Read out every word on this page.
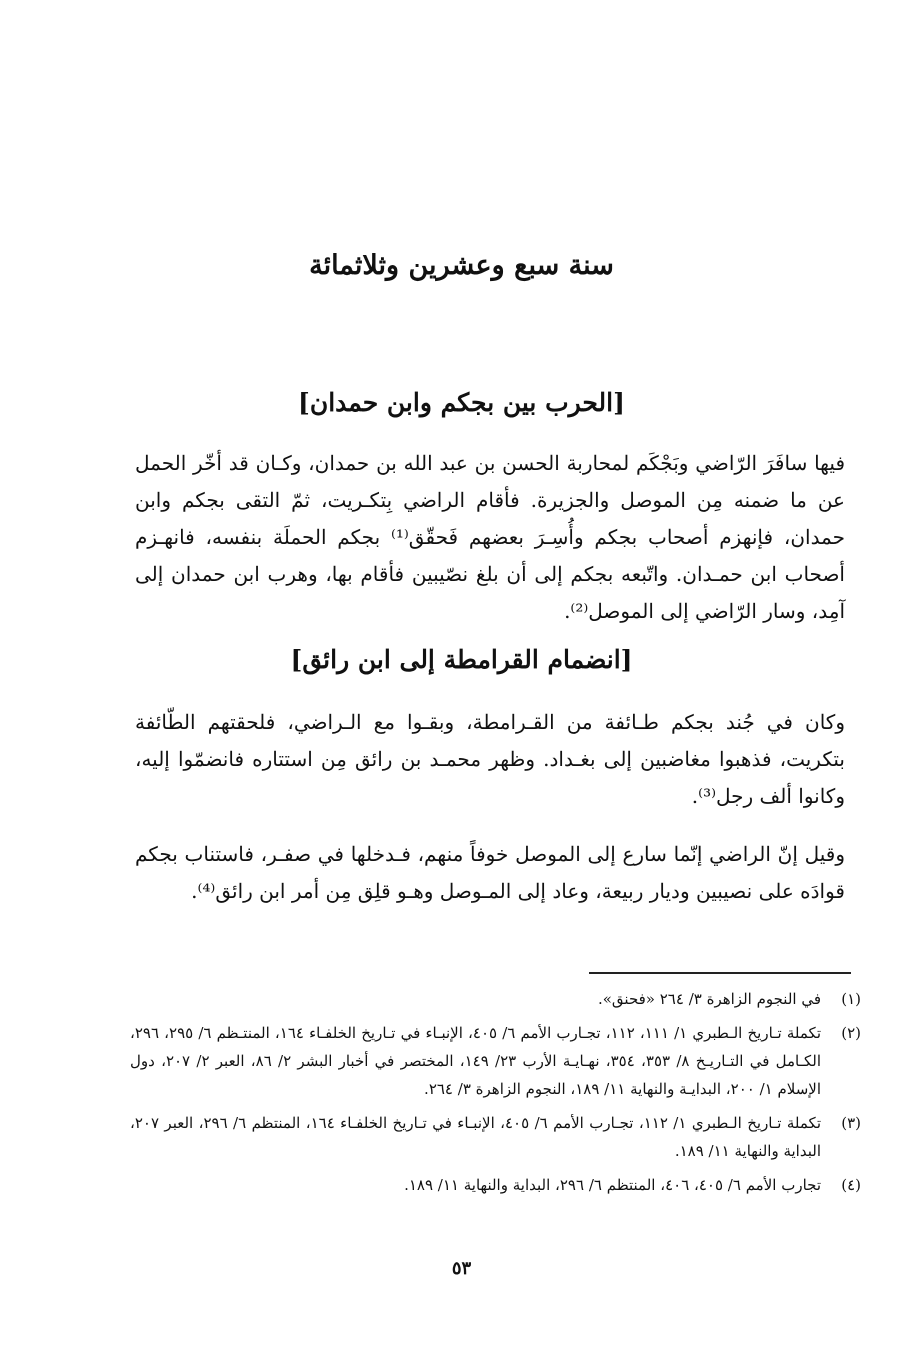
سنة سبع وعشرين وثلاثمائة
[الحرب بين بجكم وابن حمدان]

فيها سافَرَ الرّاضي وبَجْكَم لمحاربة الحسن بن عبد الله بن حمدان، وكـان قد أخّر الحمل عن ما ضمنه مِن الموصل والجزيرة. فأقام الراضي بِتكـريت، ثمّ التقى بجكم وابن حمدان، فإنهزم أصحاب بجكم وأُسِـرَ بعضهم فَحقّق⁽¹⁾ بجكم الحملَة بنفسه، فانهـزم أصحاب ابن حمـدان. واتّبعه بجكم إلى أن بلغ نصّيبين فأقام بها، وهرب ابن حمدان إلى آمِد، وسار الرّاضي إلى الموصل⁽²⁾.

[انضمام القرامطة إلى ابن رائق]

وكان في جُند بجكم طـائفة من القـرامطة، وبقـوا مع الـراضي، فلحقتهم الطّائفة بتكريت، فذهبوا مغاضبين إلى بغـداد. وظهر محمـد بن رائق مِن استتاره فانضمّوا إليه، وكانوا ألف رجل⁽³⁾.

وقيل إنّ الراضي إنّما سارع إلى الموصل خوفاً منهم، فـدخلها في صفـر، فاستناب بجكم قوادَه على نصيبين وديار ربيعة، وعاد إلى المـوصل وهـو قلِق مِن أمر ابن رائق⁽⁴⁾.

(١)

في النجوم الزاهرة ٣/ ٢٦٤ «فحنق».

(٢)

تكملة تـاريخ الـطبري ١/ ١١١، ١١٢، تجـارب الأمم ٦/ ٤٠٥، الإنبـاء في تـاريخ الخلفـاء ١٦٤، المنتـظم ٦/ ٢٩٥، ٢٩٦، الكـامل في التـاريـخ ٨/ ٣٥٣، ٣٥٤، نهـايـة الأرب ٢٣/ ١٤٩، المختصر في أخبار البشر ٢/ ٨٦، العبر ٢/ ٢٠٧، دول الإسلام ١/ ٢٠٠، البدايـة والنهاية ١١/ ١٨٩، النجوم الزاهرة ٣/ ٢٦٤.

(٣)

تكملة تـاريخ الـطبري ١/ ١١٢، تجـارب الأمم ٦/ ٤٠٥، الإنبـاء في تـاريخ الخلفـاء ١٦٤، المنتظم ٦/ ٢٩٦، العبر ٢٠٧، البداية والنهاية ١١/ ١٨٩.

(٤)

تجارب الأمم ٦/ ٤٠٥، ٤٠٦، المنتظم ٦/ ٢٩٦، البداية والنهاية ١١/ ١٨٩.

٥٣
